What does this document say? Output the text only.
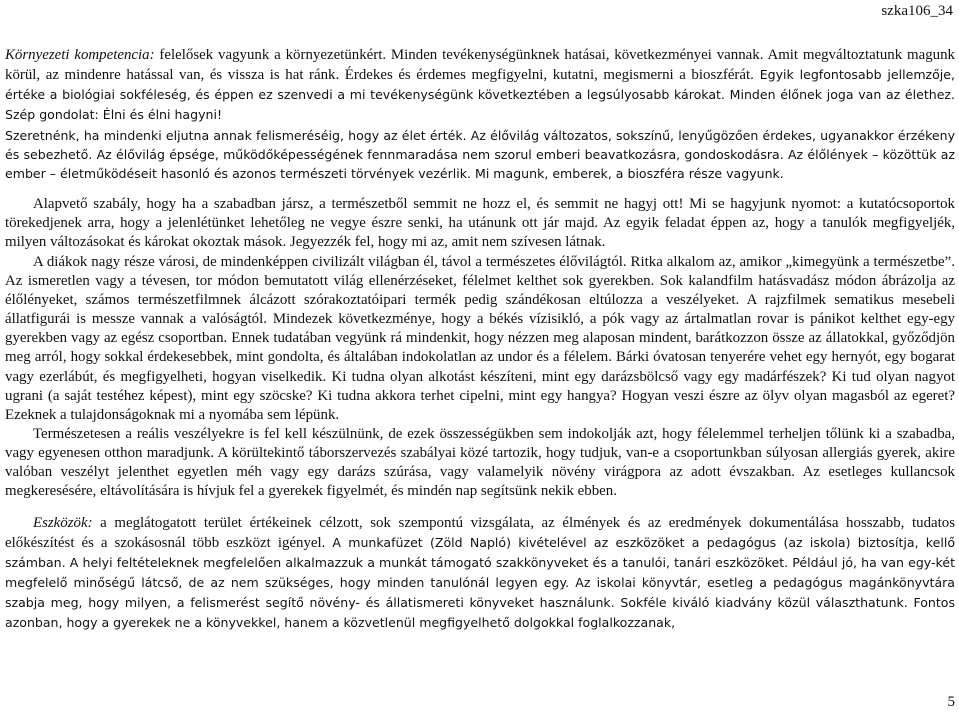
szka106_34

Környezeti kompetencia: felelősek vagyunk a környezetünkért. Minden tevékenységünknek hatásai, következményei vannak. Amit megváltoztatunk magunk körül, az mindenre hatással van, és vissza is hat ránk. Érdekes és érdemes megfigyelni, kutatni, megismerni a bioszférát. Egyik legfontosabb jellemzője, értéke a biológiai sokféleség, és éppen ez szenvedi a mi tevékenységünk következtében a legsúlyosabb károkat. Minden élőnek joga van az élethez. Szép gondolat: Élni és élni hagyni!

Szeretnénk, ha mindenki eljutna annak felismeréséig, hogy az élet érték. Az élővilág változatos, sokszínű, lenyűgözően érdekes, ugyanakkor érzékeny és sebezhető. Az élővilág épsége, működőképességének fennmaradása nem szorul emberi beavatkozásra, gondoskodásra. Az élőlények – közöttük az ember – életműködéseit hasonló és azonos természeti törvények vezérlik. Mi magunk, emberek, a bioszféra része vagyunk.

Alapvető szabály, hogy ha a szabadban jársz, a természetből semmit ne hozz el, és semmit ne hagyj ott! Mi se hagyjunk nyomot: a kutatócsoportok törekedjenek arra, hogy a jelenlétünket lehetőleg ne vegye észre senki, ha utánunk ott jár majd. Az egyik feladat éppen az, hogy a tanulók megfigyeljék, milyen változásokat és károkat okoztak mások. Jegyezzék fel, hogy mi az, amit nem szívesen látnak.

A diákok nagy része városi, de mindenképpen civilizált világban él, távol a természetes élővilágtól. Ritka alkalom az, amikor „kimegyünk a természetbe”. Az ismeretlen vagy a tévesen, tor módon bemutatott világ ellenérzéseket, félelmet kelthet sok gyerekben. Sok kalandfilm hatásvadász módon ábrázolja az élőlényeket, számos természetfilmnek álcázott szórakoztatóipari termék pedig szándékosan eltúlozza a veszélyeket. A rajzfilmek sematikus mesebeli állatfigurái is messze vannak a valóságtól. Mindezek következménye, hogy a békés vízisikló, a pók vagy az ártalmatlan rovar is pánikot kelthet egy-egy gyerekben vagy az egész csoportban. Ennek tudatában vegyünk rá mindenkit, hogy nézzen meg alaposan mindent, barátkozzon össze az állatokkal, győződjön meg arról, hogy sokkal érdekesebbek, mint gondolta, és általában indokolatlan az undor és a félelem. Bárki óvatosan tenyerére vehet egy hernyót, egy bogarat vagy ezerlábút, és megfigyelheti, hogyan viselkedik. Ki tudna olyan alkotást készíteni, mint egy darázsbölcső vagy egy madárfészek? Ki tud olyan nagyot ugrani (a saját testéhez képest), mint egy szöcske? Ki tudna akkora terhet cipelni, mint egy hangya? Hogyan veszi észre az ölyv olyan magasból az egeret? Ezeknek a tulajdonságoknak mi a nyomába sem lépünk.

Természetesen a reális veszélyekre is fel kell készülnünk, de ezek összességükben sem indokolják azt, hogy félelemmel terheljen tőlünk ki a szabadba, vagy egyenesen otthon maradjunk. A körültekintő táborszervezés szabályai közé tartozik, hogy tudjuk, van-e a csoportunkban súlyosan allergiás gyerek, akire valóban veszélyt jelenthet egyetlen méh vagy egy darázs szúrása, vagy valamelyik növény virágpora az adott évszakban. Az esetleges kullancsok megkeresésére, eltávolítására is hívjuk fel a gyerekek figyelmét, és mindén nap segítsünk nekik ebben.

Eszközök: a meglátogatott terület értékeinek célzott, sok szempontú vizsgálata, az élmények és az eredmények dokumentálása hosszabb, tudatos előkészítést és a szokásosnál több eszközt igényel. A munkafüzet (Zöld Napló) kivételével az eszközöket a pedagógus (az iskola) biztosítja, kellő számban. A helyi feltételeknek megfelelően alkalmazzuk a munkát támogató szakkönyveket és a tanulói, tanári eszközöket. Például jó, ha van egy-két megfelelő minőségű látcső, de az nem szükséges, hogy minden tanulónál legyen egy. Az iskolai könyvtár, esetleg a pedagógus magánkönyvtára szabja meg, hogy milyen, a felismerést segítő növény- és állatismereti könyveket használunk. Sokféle kiváló kiadvány közül választhatunk. Fontos azonban, hogy a gyerekek ne a könyvekkel, hanem a közvetlenül megfigyelhető dolgokkal foglalkozzanak,

5
